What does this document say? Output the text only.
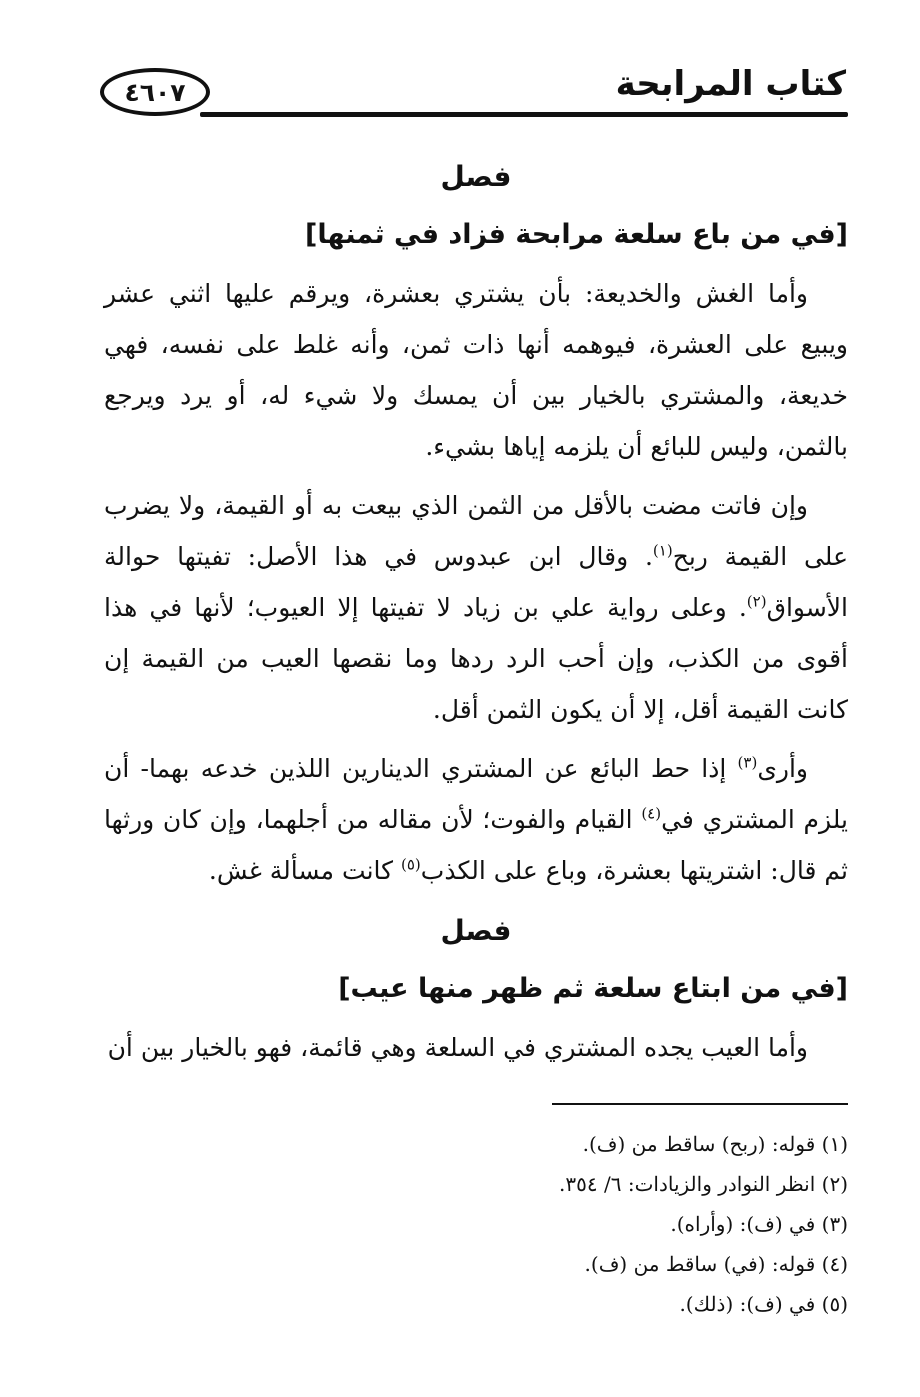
كتاب المرابحة
٤٦٠٧
فصل
[في من باع سلعة مرابحة فزاد في ثمنها]

وأما الغش والخديعة: بأن يشتري بعشرة، ويرقم عليها اثني عشر ويبيع على العشرة، فيوهمه أنها ذات ثمن، وأنه غلط على نفسه، فهي خديعة، والمشتري بالخيار بين أن يمسك ولا شيء له، أو يرد ويرجع بالثمن، وليس للبائع أن يلزمه إياها بشيء.

وإن فاتت مضت بالأقل من الثمن الذي بيعت به أو القيمة، ولا يضرب على القيمة ربح$^{(١)}$. وقال ابن عبدوس في هذا الأصل: تفيتها حوالة الأسواق$^{(٢)}$. وعلى رواية علي بن زياد لا تفيتها إلا العيوب؛ لأنها في هذا أقوى من الكذب، وإن أحب الرد ردها وما نقصها العيب من القيمة إن كانت القيمة أقل، إلا أن يكون الثمن أقل.

وأرى$^{(٣)}$ إذا حط البائع عن المشتري الدينارين اللذين خدعه بهما- أن يلزم المشتري في$^{(٤)}$ القيام والفوت؛ لأن مقاله من أجلهما، وإن كان ورثها ثم قال: اشتريتها بعشرة، وباع على الكذب$^{(٥)}$ كانت مسألة غش.

فصل
[في من ابتاع سلعة ثم ظهر منها عيب]

وأما العيب يجده المشتري في السلعة وهي قائمة، فهو بالخيار بين أن

(١) قوله: (ربح) ساقط من (ف).

(٢) انظر النوادر والزيادات: ٦/ ٣٥٤.

(٣) في (ف): (وأراه).

(٤) قوله: (في) ساقط من (ف).

(٥) في (ف): (ذلك).
